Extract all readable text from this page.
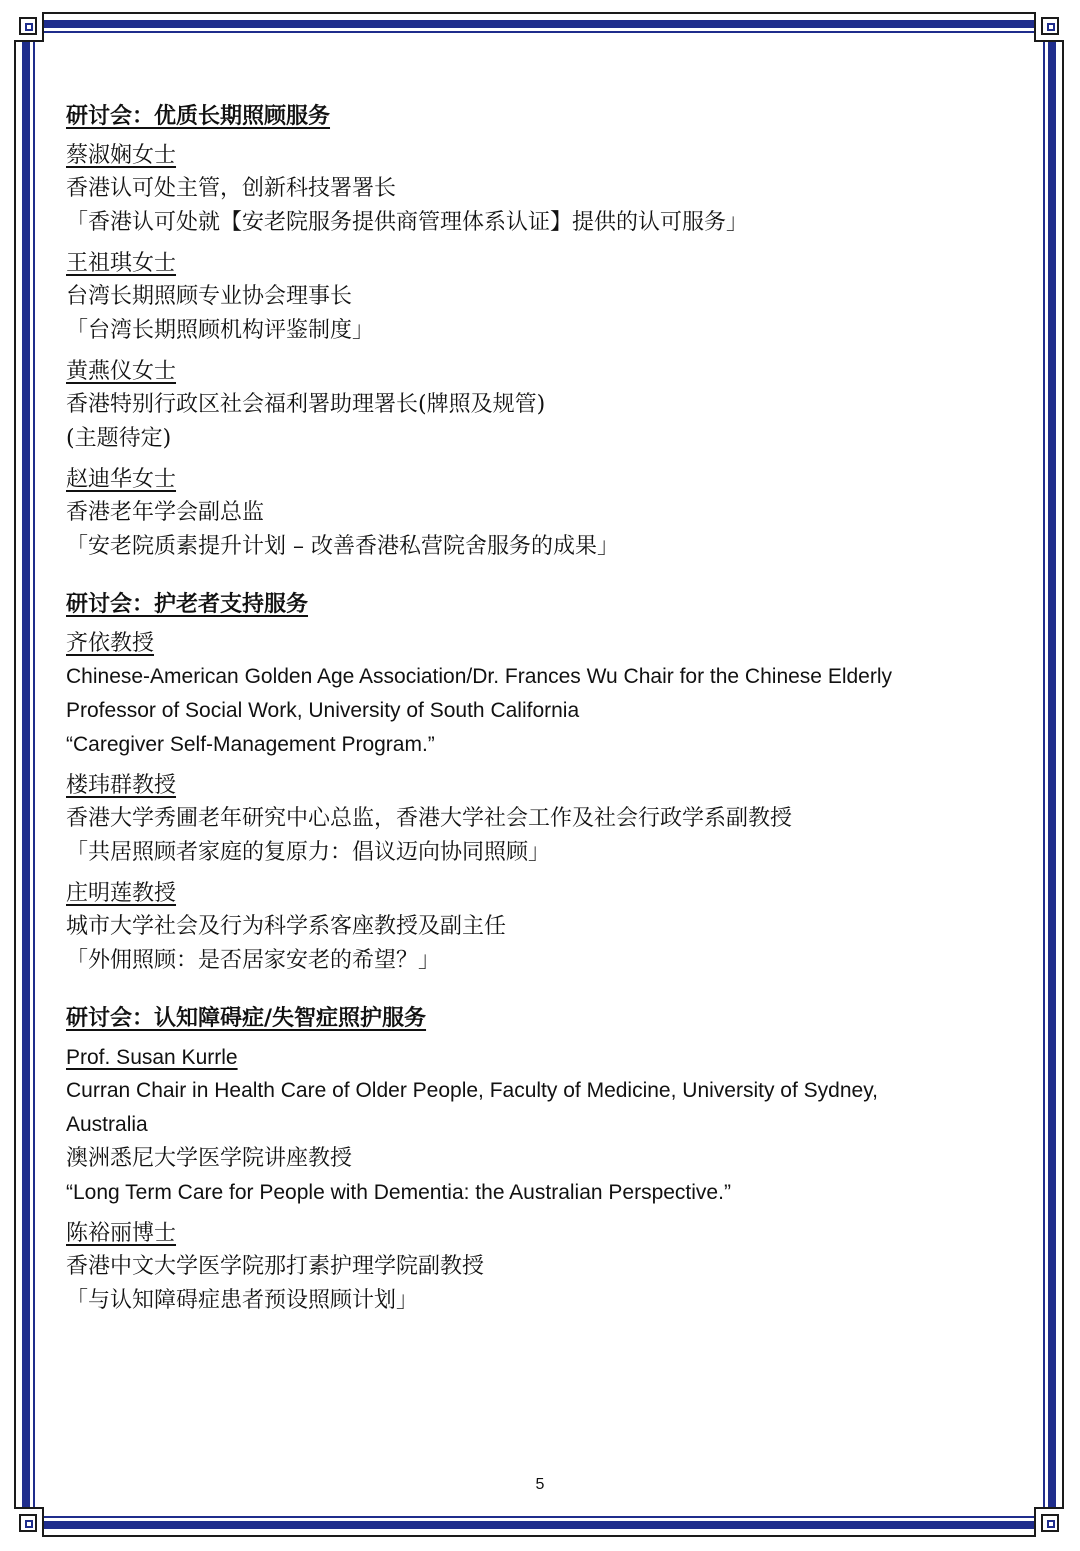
研讨会：优质长期照顾服务

蔡淑娴女士

香港认可处主管，创新科技署署长

「香港认可处就【安老院服务提供商管理体系认证】提供的认可服务」

王祖琪女士

台湾长期照顾专业协会理事长

「台湾长期照顾机构评鉴制度」

黄燕仪女士

香港特别行政区社会福利署助理署长(牌照及规管)

(主题待定)

赵迪华女士

香港老年学会副总监

「安老院质素提升计划 – 改善香港私营院舍服务的成果」

研讨会：护老者支持服务

齐依教授

Chinese-American Golden Age Association/Dr. Frances Wu Chair for the Chinese Elderly

Professor of Social Work, University of South California

“Caregiver Self-Management Program.”

楼玮群教授

香港大学秀圃老年研究中心总监，香港大学社会工作及社会行政学系副教授

「共居照顾者家庭的复原力：倡议迈向协同照顾」

庄明莲教授

城市大学社会及行为科学系客座教授及副主任

「外佣照顾：是否居家安老的希望？」

研讨会：认知障碍症/失智症照护服务

Prof. Susan Kurrle

Curran Chair in Health Care of Older People, Faculty of Medicine, University of Sydney,

Australia

澳洲悉尼大学医学院讲座教授

“Long Term Care for People with Dementia: the Australian Perspective.”

陈裕丽博士

香港中文大学医学院那打素护理学院副教授

「与认知障碍症患者预设照顾计划」

5
